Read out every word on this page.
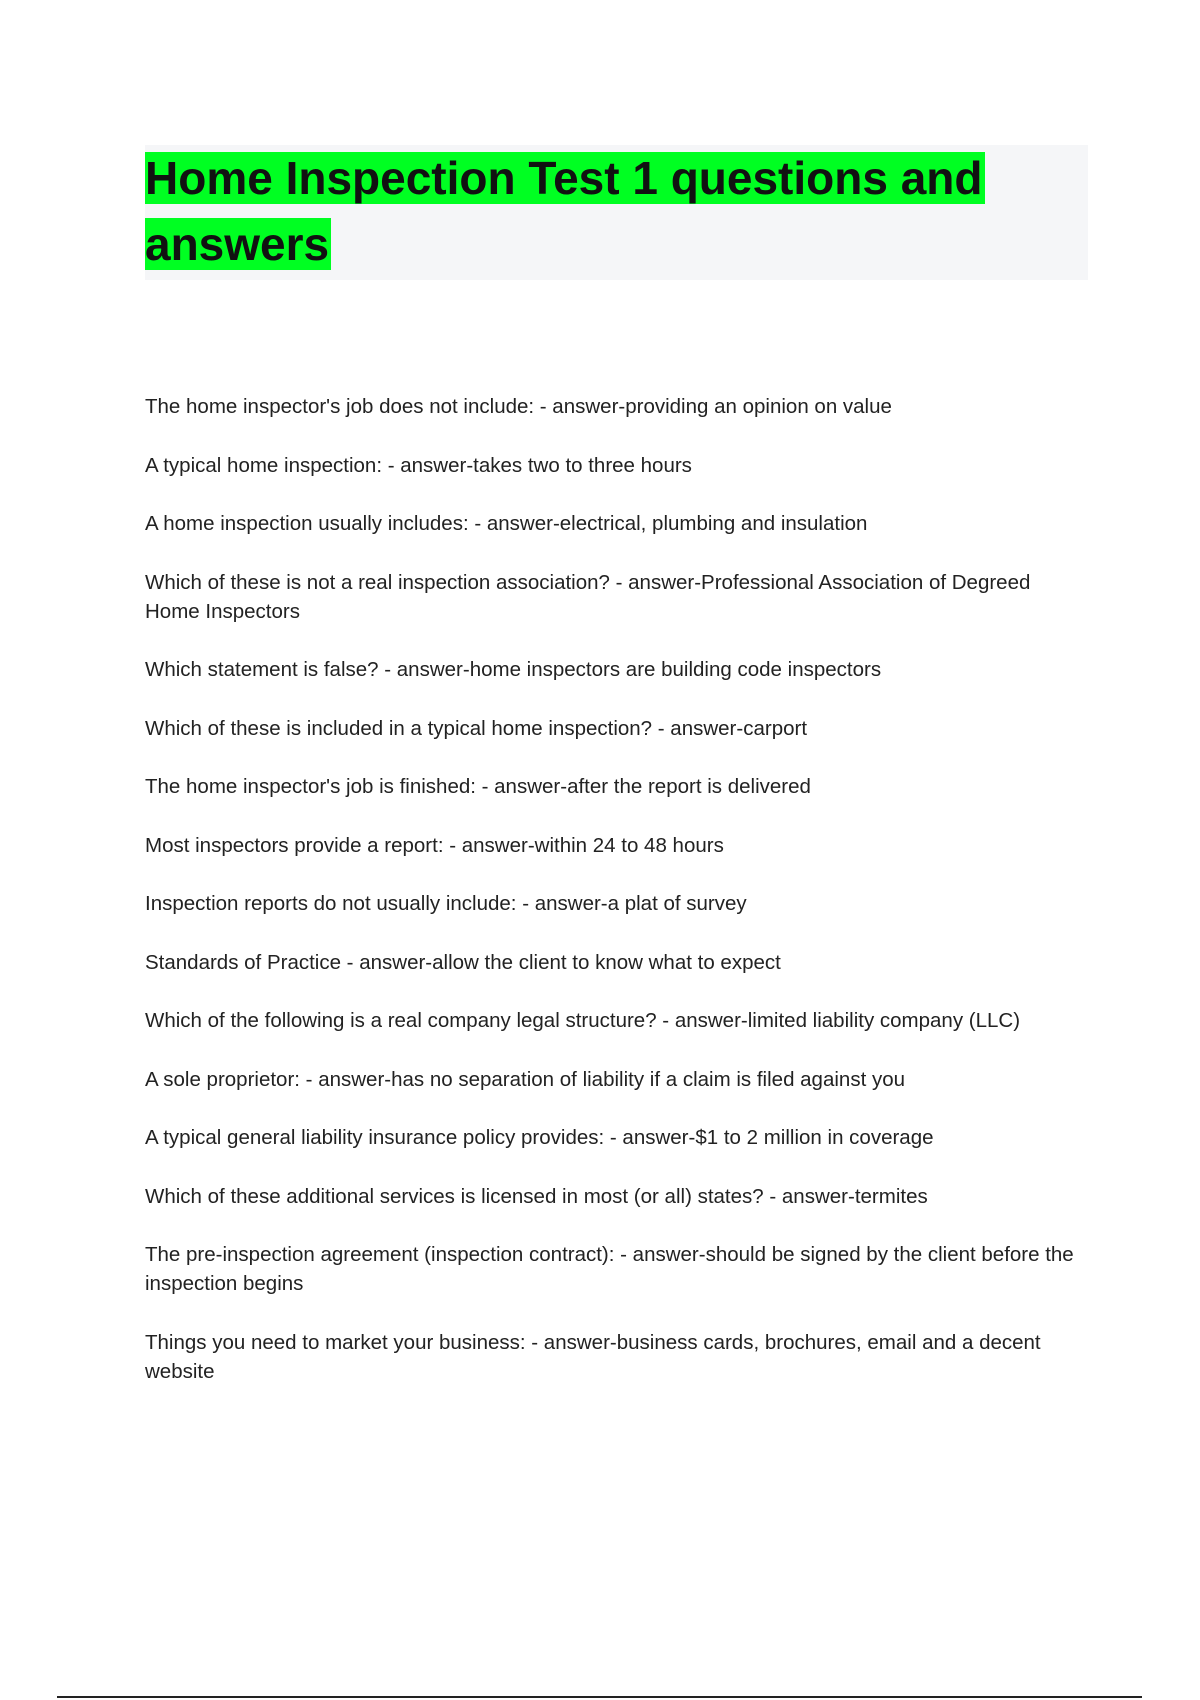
Home Inspection Test 1 questions and answers
The home inspector's job does not include: - answer-providing an opinion on value
A typical home inspection: - answer-takes two to three hours
A home inspection usually includes: - answer-electrical, plumbing and insulation
Which of these is not a real inspection association? - answer-Professional Association of Degreed Home Inspectors
Which statement is false? - answer-home inspectors are building code inspectors
Which of these is included in a typical home inspection? - answer-carport
The home inspector's job is finished: - answer-after the report is delivered
Most inspectors provide a report: - answer-within 24 to 48 hours
Inspection reports do not usually include: - answer-a plat of survey
Standards of Practice - answer-allow the client to know what to expect
Which of the following is a real company legal structure? - answer-limited liability company (LLC)
A sole proprietor: - answer-has no separation of liability if a claim is filed against you
A typical general liability insurance policy provides: - answer-$1 to 2 million in coverage
Which of these additional services is licensed in most (or all) states? - answer-termites
The pre-inspection agreement (inspection contract): - answer-should be signed by the client before the inspection begins
Things you need to market your business: - answer-business cards, brochures, email and a decent website
